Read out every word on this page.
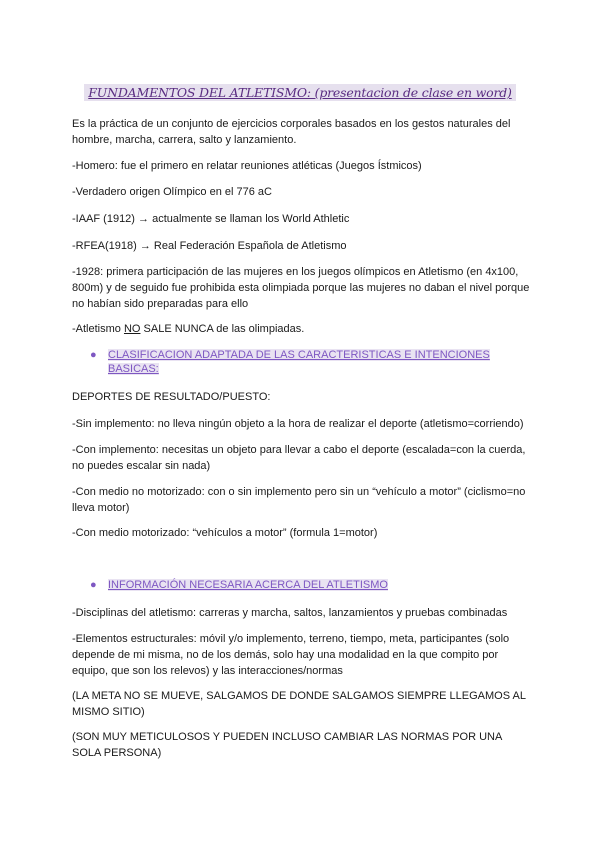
FUNDAMENTOS DEL ATLETISMO: (presentacion de clase en word)

Es la práctica de un conjunto de ejercicios corporales basados en los gestos naturales del hombre, marcha, carrera, salto y lanzamiento.

-Homero: fue el primero en relatar reuniones atléticas (Juegos Ístmicos)

-Verdadero origen Olímpico en el 776 aC

-IAAF (1912) → actualmente se llaman los World Athletic

-RFEA(1918) → Real Federación Española de Atletismo

-1928: primera participación de las mujeres en los juegos olímpicos en Atletismo (en 4x100, 800m) y de seguido fue prohibida esta olimpiada porque las mujeres no daban el nivel porque no habían sido preparadas para ello

-Atletismo NO SALE NUNCA de las olimpiadas.

● CLASIFICACION ADAPTADA DE LAS CARACTERISTICAS E INTENCIONES BASICAS:

DEPORTES DE RESULTADO/PUESTO:

-Sin implemento: no lleva ningún objeto a la hora de realizar el deporte (atletismo=corriendo)

-Con implemento: necesitas un objeto para llevar a cabo el deporte (escalada=con la cuerda, no puedes escalar sin nada)

-Con medio no motorizado: con o sin implemento pero sin un “vehículo a motor” (ciclismo=no lleva motor)

-Con medio motorizado: “vehículos a motor” (formula 1=motor)

● INFORMACIÓN NECESARIA ACERCA DEL ATLETISMO

-Disciplinas del atletismo: carreras y marcha, saltos, lanzamientos y pruebas combinadas

-Elementos estructurales: móvil y/o implemento, terreno, tiempo, meta, participantes (solo depende de mi misma, no de los demás, solo hay una modalidad en la que compito por equipo, que son los relevos) y las interacciones/normas

(LA META NO SE MUEVE, SALGAMOS DE DONDE SALGAMOS SIEMPRE LLEGAMOS AL MISMO SITIO)

(SON MUY METICULOSOS Y PUEDEN INCLUSO CAMBIAR LAS NORMAS POR UNA SOLA PERSONA)
